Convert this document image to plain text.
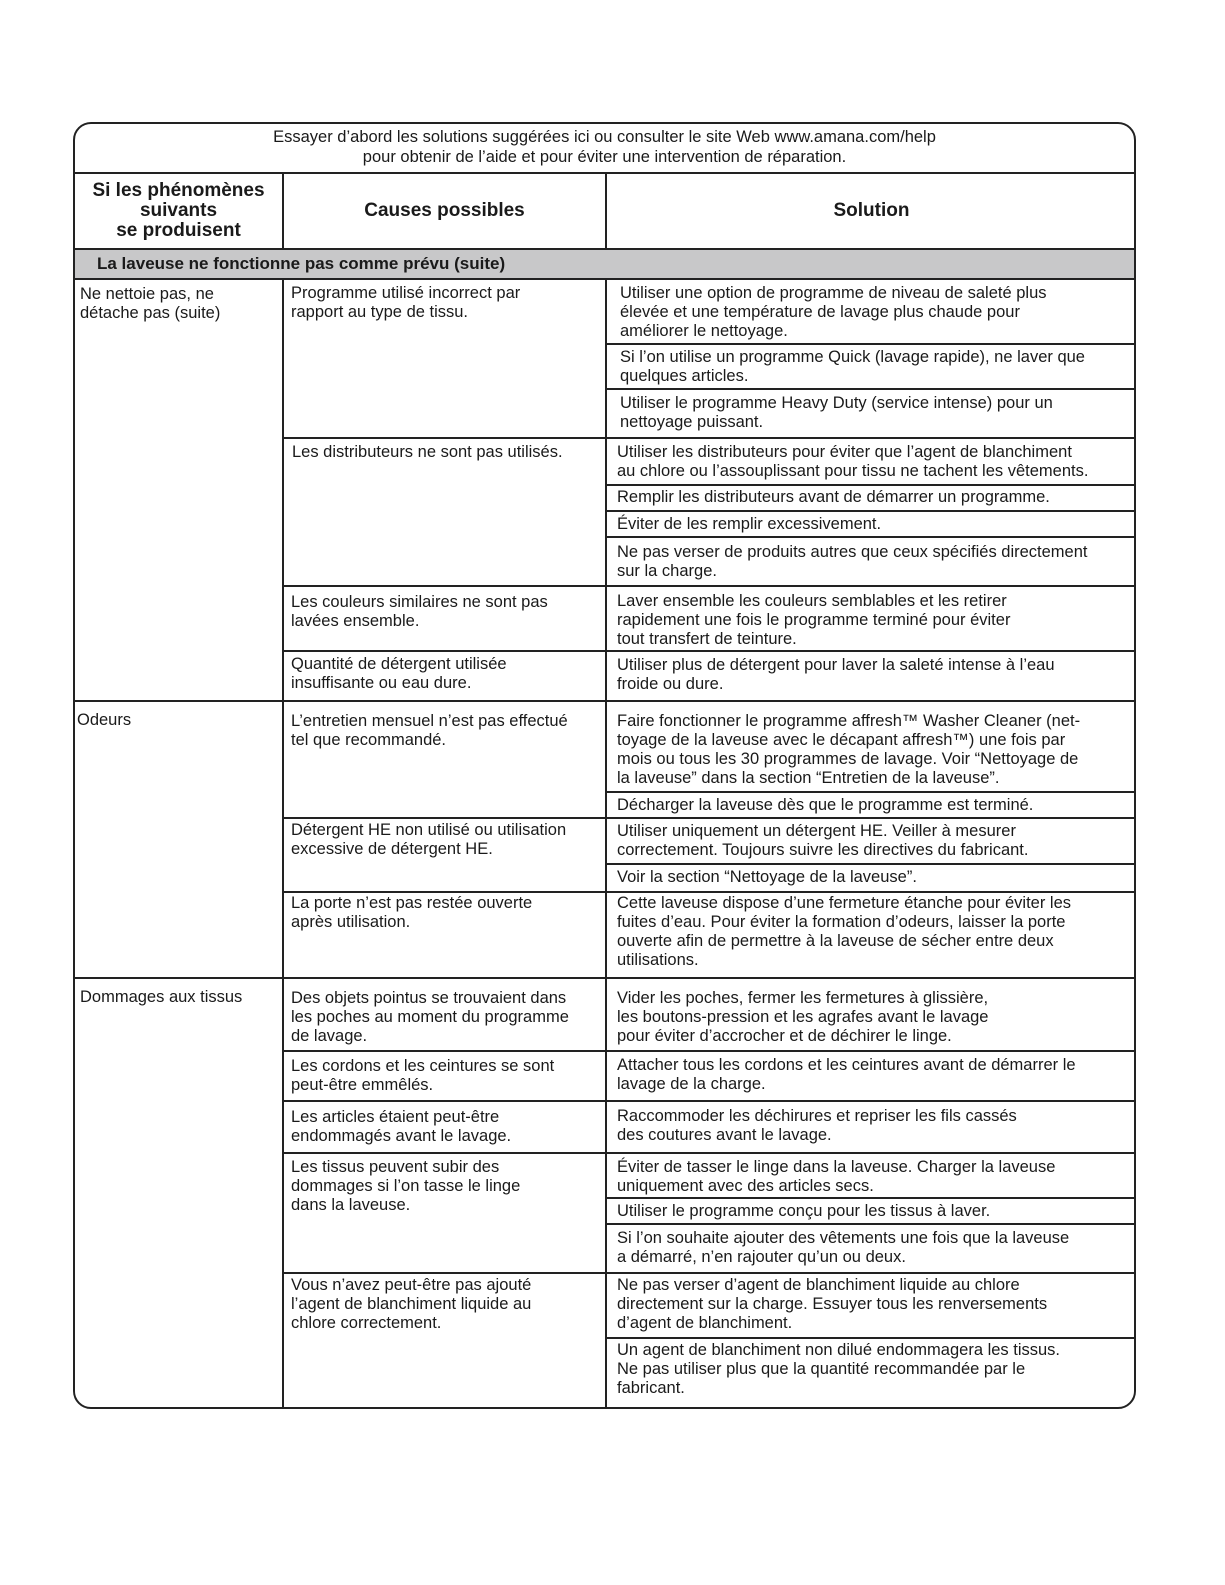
Essayer d’abord les solutions suggérées ici ou consulter le site Web www.amana.com/help
pour obtenir de l’aide et pour éviter une intervention de réparation.
Si les phénomènes
suivants
se produisent
Causes possibles	Solution
La laveuse ne fonctionne pas comme prévu (suite)
Ne nettoie pas, ne
détache pas (suite)
Odeurs
Dommages aux tissus
Programme utilisé incorrect par
rapport au type de tissu.
Les distributeurs ne sont pas utilisés.
Les couleurs similaires ne sont pas
lavées ensemble.
Quantité de détergent utilisée
insuffisante ou eau dure.
L’entretien mensuel n’est pas effectué
tel que recommandé.
Détergent HE non utilisé ou utilisation
excessive de détergent HE.
La porte n’est pas restée ouverte
après utilisation.
Des objets pointus se trouvaient dans
les poches au moment du programme
de lavage.
Les cordons et les ceintures se sont
peut-être emmêlés.
Les articles étaient peut-être
endommagés avant le lavage.
Les tissus peuvent subir des
dommages si l’on tasse le linge
dans la laveuse.
Vous n’avez peut-être pas ajouté
l’agent de blanchiment liquide au
chlore correctement.
Utiliser une option de programme de niveau de saleté plus
élevée et une température de lavage plus chaude pour
améliorer le nettoyage.
Si l’on utilise un programme Quick (lavage rapide), ne laver que
quelques articles.
Utiliser le programme Heavy Duty (service intense) pour un
nettoyage puissant.
Utiliser les distributeurs pour éviter que l’agent de blanchiment
au chlore ou l’assouplissant pour tissu ne tachent les vêtements.
Remplir les distributeurs avant de démarrer un programme.
Éviter de les remplir excessivement.
Ne pas verser de produits autres que ceux spécifiés directement
sur la charge.
Laver ensemble les couleurs semblables et les retirer
rapidement une fois le programme terminé pour éviter
tout transfert de teinture.
Utiliser plus de détergent pour laver la saleté intense à l’eau
froide ou dure.
Faire fonctionner le programme affresh™ Washer Cleaner (net-
toyage de la laveuse avec le décapant affresh™) une fois par
mois ou tous les 30 programmes de lavage. Voir “Nettoyage de
la laveuse” dans la section “Entretien de la laveuse”.
Décharger la laveuse dès que le programme est terminé.
Utiliser uniquement un détergent HE. Veiller à mesurer
correctement. Toujours suivre les directives du fabricant.
Voir la section “Nettoyage de la laveuse”.
Cette laveuse dispose d’une fermeture étanche pour éviter les
fuites d’eau. Pour éviter la formation d’odeurs, laisser la porte
ouverte afin de permettre à la laveuse de sécher entre deux
utilisations.
Vider les poches, fermer les fermetures à glissière,
les boutons-pression et les agrafes avant le lavage
pour éviter d’accrocher et de déchirer le linge.
Attacher tous les cordons et les ceintures avant de démarrer le
lavage de la charge.
Raccommoder les déchirures et repriser les fils cassés
des coutures avant le lavage.
Éviter de tasser le linge dans la laveuse. Charger la laveuse
uniquement avec des articles secs.
Utiliser le programme conçu pour les tissus à laver.
Si l’on souhaite ajouter des vêtements une fois que la laveuse
a démarré, n’en rajouter qu’un ou deux.
Ne pas verser d’agent de blanchiment liquide au chlore
directement sur la charge. Essuyer tous les renversements
d’agent de blanchiment.
Un agent de blanchiment non dilué endommagera les tissus.
Ne pas utiliser plus que la quantité recommandée par le
fabricant.
